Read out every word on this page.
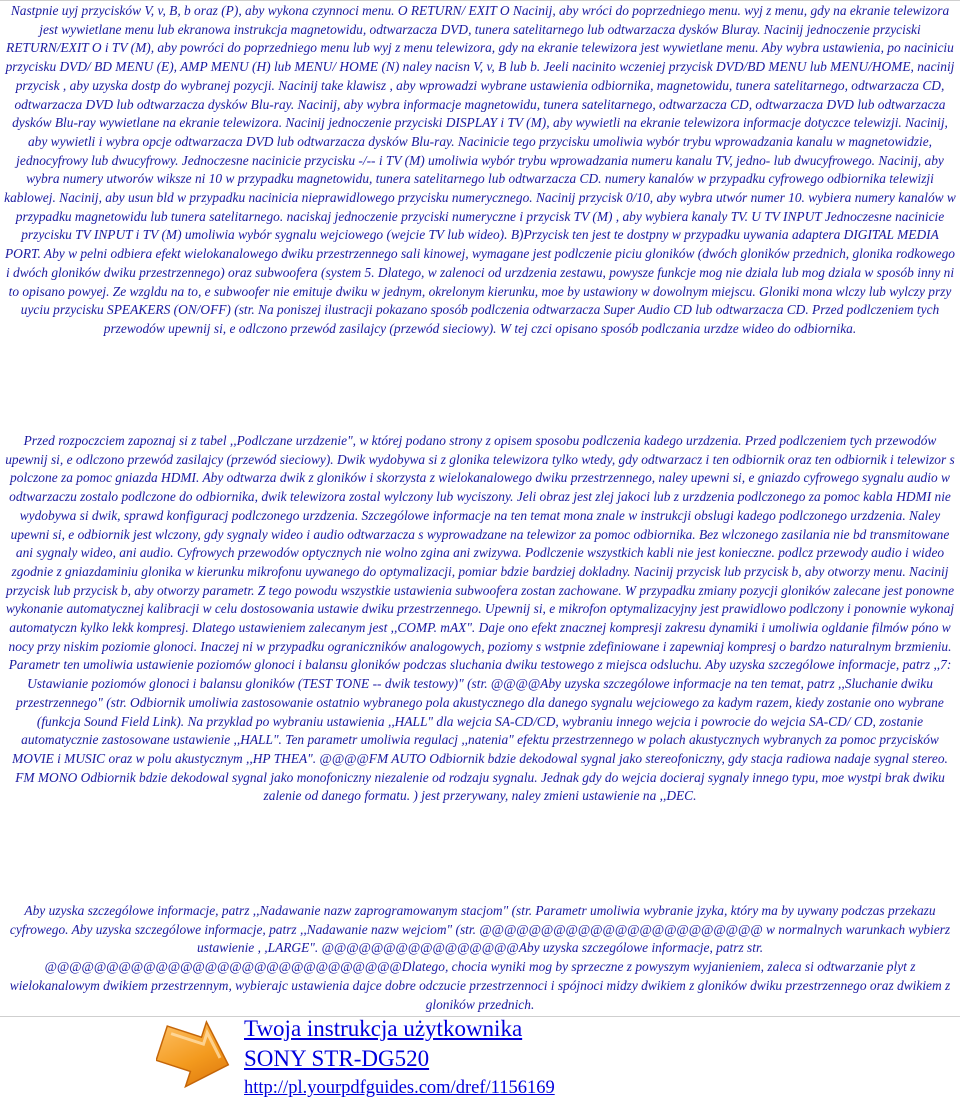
Nastpnie uyj przycisków V, v, B, b oraz (P), aby wykona czynnoci menu. O RETURN/ EXIT O Nacinij, aby wróci do poprzedniego menu. wyj z menu, gdy na ekranie telewizora jest wywietlane menu lub ekranowa instrukcja magnetowidu, odtwarzacza DVD, tunera satelitarnego lub odtwarzacza dysków Bluray. Nacinij jednoczenie przyciski RETURN/EXIT O i TV (M), aby powróci do poprzedniego menu lub wyj z menu telewizora, gdy na ekranie telewizora jest wywietlane menu. Aby wybra ustawienia, po naciniciu przycisku DVD/ BD MENU (E), AMP MENU (H) lub MENU/ HOME (N) naley nacisn V, v, B lub b. Jeeli nacinito wczeniej przycisk DVD/BD MENU lub MENU/HOME, nacinij przycisk , aby uzyska dostp do wybranej pozycji. Nacinij take klawisz , aby wprowadzi wybrane ustawienia odbiornika, magnetowidu, tunera satelitarnego, odtwarzacza CD, odtwarzacza DVD lub odtwarzacza dysków Blu-ray. Nacinij, aby wybra informacje magnetowidu, tunera satelitarnego, odtwarzacza CD, odtwarzacza DVD lub odtwarzacza dysków Blu-ray wywietlane na ekranie telewizora. Nacinij jednoczenie przyciski DISPLAY i TV (M), aby wywietli na ekranie telewizora informacje dotyczce telewizji. Nacinij, aby wywietli i wybra opcje odtwarzacza DVD lub odtwarzacza dysków Blu-ray. Nacinicie tego przycisku umoliwia wybór trybu wprowadzania kanalu w magnetowidzie, jednocyfrowy lub dwucyfrowy. Jednoczesne nacinicie przycisku -/-- i TV (M) umoliwia wybór trybu wprowadzania numeru kanalu TV, jedno- lub dwucyfrowego. Nacinij, aby wybra numery utworów wiksze ni 10 w przypadku magnetowidu, tunera satelitarnego lub odtwarzacza CD. numery kanalów w przypadku cyfrowego odbiornika telewizji kablowej. Nacinij, aby usun bld w przypadku nacinicia nieprawidlowego przycisku numerycznego. Nacinij przycisk 0/10, aby wybra utwór numer 10. wybiera numery kanalów w przypadku magnetowidu lub tunera satelitarnego. naciskaj jednoczenie przyciski numeryczne i przycisk TV (M) , aby wybiera kanaly TV. U TV INPUT Jednoczesne nacinicie przycisku TV INPUT i TV (M) umoliwia wybór sygnalu wejciowego (wejcie TV lub wideo). B)Przycisk ten jest te dostpny w przypadku uywania adaptera DIGITAL MEDIA PORT. Aby w pelni odbiera efekt wielokanalowego dwiku przestrzennego sali kinowej, wymagane jest podlczenie piciu gloników (dwóch gloników przednich, glonika rodkowego i dwóch gloników dwiku przestrzennego) oraz subwoofera (system 5. Dlatego, w zalenoci od urzdzenia zestawu, powysze funkcje mog nie dziala lub mog dziala w sposób inny ni to opisano powyej. Ze wzgldu na to, e subwoofer nie emituje dwiku w jednym, okrelonym kierunku, moe by ustawiony w dowolnym miejscu. Gloniki mona wlczy lub wylczy przy uyciu przycisku SPEAKERS (ON/OFF) (str. Na poniszej ilustracji pokazano sposób podlczenia odtwarzacza Super Audio CD lub odtwarzacza CD. Przed podlczeniem tych przewodów upewnij si, e odlczono przewód zasilajcy (przewód sieciowy). W tej czci opisano sposób podlczania urzdze wideo do odbiornika.

Przed rozpoczciem zapoznaj si z tabel ,,Podlczane urzdzenie", w której podano strony z opisem sposobu podlczenia kadego urzdzenia. Przed podlczeniem tych przewodów upewnij si, e odlczono przewód zasilajcy (przewód sieciowy). Dwik wydobywa si z glonika telewizora tylko wtedy, gdy odtwarzacz i ten odbiornik oraz ten odbiornik i telewizor s polczone za pomoc gniazda HDMI. Aby odtwarza dwik z gloników i skorzysta z wielokanalowego dwiku przestrzennego, naley upewni si, e gniazdo cyfrowego sygnalu audio w odtwarzaczu zostalo podlczone do odbiornika, dwik telewizora zostal wylczony lub wyciszony. Jeli obraz jest zlej jakoci lub z urzdzenia podlczonego za pomoc kabla HDMI nie wydobywa si dwik, sprawd konfiguracj podlczonego urzdzenia. Szczególowe informacje na ten temat mona znale w instrukcji obslugi kadego podlczonego urzdzenia. Naley upewni si, e odbiornik jest wlczony, gdy sygnaly wideo i audio odtwarzacza s wyprowadzane na telewizor za pomoc odbiornika. Bez wlczonego zasilania nie bd transmitowane ani sygnaly wideo, ani audio. Cyfrowych przewodów optycznych nie wolno zgina ani zwizywa. Podlczenie wszystkich kabli nie jest konieczne. podlcz przewody audio i wideo zgodnie z gniazdaminiu glonika w kierunku mikrofonu uywanego do optymalizacji, pomiar bdzie bardziej dokladny. Nacinij przycisk lub przycisk b, aby otworzy menu. Nacinij przycisk lub przycisk b, aby otworzy parametr. Z tego powodu wszystkie ustawienia subwoofera zostan zachowane. W przypadku zmiany pozycji gloników zalecane jest ponowne wykonanie automatycznej kalibracji w celu dostosowania ustawie dwiku przestrzennego. Upewnij si, e mikrofon optymalizacyjny jest prawidlowo podlczony i ponownie wykonaj automatyczn kylko lekk kompresj. Dlatego ustawieniem zalecanym jest ,,COMP. mAX". Daje ono efekt znacznej kompresji zakresu dynamiki i umoliwia ogldanie filmów póno w nocy przy niskim poziomie glonoci. Inaczej ni w przypadku ograniczników analogowych, poziomy s wstpnie zdefiniowane i zapewniaj kompresj o bardzo naturalnym brzmieniu. Parametr ten umoliwia ustawienie poziomów glonoci i balansu gloników podczas sluchania dwiku testowego z miejsca odsluchu. Aby uzyska szczególowe informacje, patrz ,,7: Ustawianie poziomów glonoci i balansu gloników (TEST TONE -- dwik testowy)" (str. @@@@Aby uzyska szczególowe informacje na ten temat, patrz ,,Sluchanie dwiku przestrzennego" (str. Odbiornik umoliwia zastosowanie ostatnio wybranego pola akustycznego dla danego sygnalu wejciowego za kadym razem, kiedy zostanie ono wybrane (funkcja Sound Field Link). Na przyklad po wybraniu ustawienia ,,HALL" dla wejcia SA-CD/CD, wybraniu innego wejcia i powrocie do wejcia SA-CD/ CD, zostanie automatycznie zastosowane ustawienie ,,HALL". Ten parametr umoliwia regulacj ,,natenia" efektu przestrzennego w polach akustycznych wybranych za pomoc przycisków MOVIE i MUSIC oraz w polu akustycznym ,,HP THEA". @@@@FM AUTO Odbiornik bdzie dekodowal sygnal jako stereofoniczny, gdy stacja radiowa nadaje sygnal stereo. FM MONO Odbiornik bdzie dekodowal sygnal jako monofoniczny niezalenie od rodzaju sygnalu. Jednak gdy do wejcia docieraj sygnaly innego typu, moe wystpi brak dwiku zalenie od danego formatu. ) jest przerywany, naley zmieni ustawienie na ,,DEC.

Aby uzyska szczególowe informacje, patrz ,,Nadawanie nazw zaprogramowanym stacjom" (str. Parametr umoliwia wybranie jzyka, który ma by uywany podczas przekazu cyfrowego. Aby uzyska szczególowe informacje, patrz ,,Nadawanie nazw wejciom" (str. @@@@@@@@@@@@@@@@@@@@@@@ w normalnych warunkach wybierz ustawienie , ,LARGE". @@@@@@@@@@@@@@@@Aby uzyska szczególowe informacje, patrz str. @@@@@@@@@@@@@@@@@@@@@@@@@@@@@Dlatego, chocia wyniki mog by sprzeczne z powyszym wyjanieniem, zaleca si odtwarzanie plyt z wielokanalowym dwikiem przestrzennym, wybierajc ustawienia dajce dobre odczucie przestrzennoci i spójnoci midzy dwikiem z gloników dwiku przestrzennego oraz dwikiem z gloników przednich.

Twoja instrukcja użytkownika
SONY STR-DG520
http://pl.yourpdfguides.com/dref/1156169
